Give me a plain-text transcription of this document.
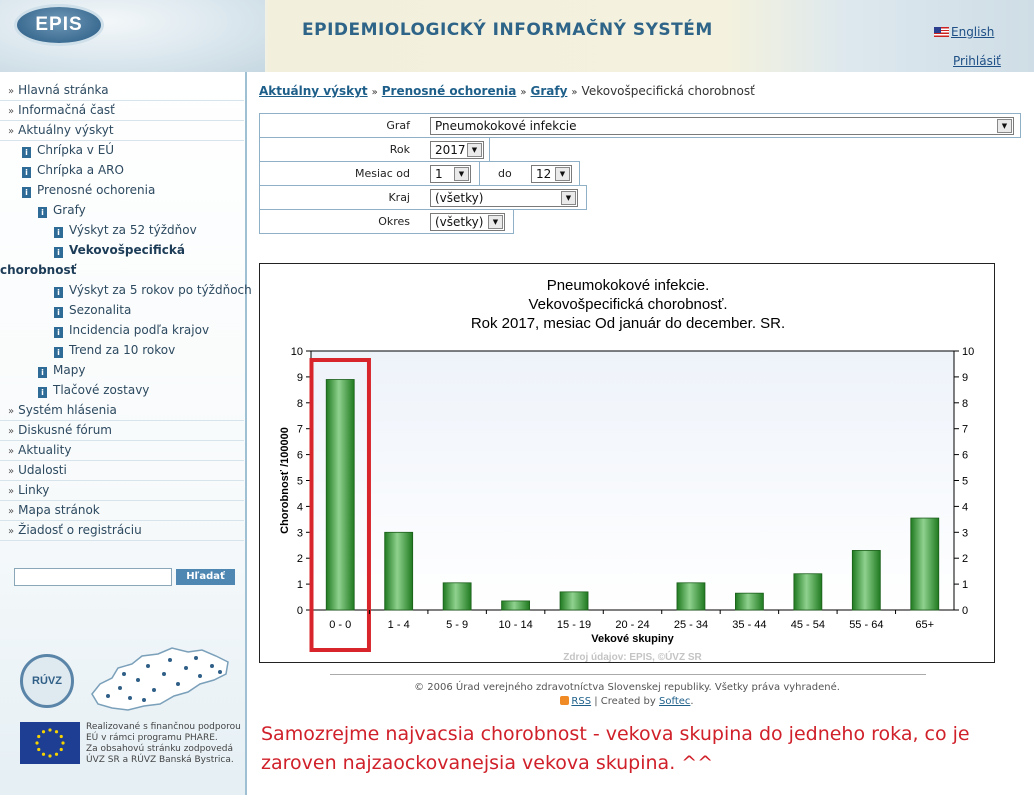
EPIS	EPIDEMIOLOGICKÝ INFORMAČNÝ SYSTÉM	English
Prihlásiť
» Hlavná stránka
» Informačná časť
» Aktuálny výskyt
i Chrípka v EÚ
i Chrípka a ARO
i Prenosné ochorenia
i Grafy
i Výskyt za 52 týždňov
i Vekovošpecifická
chorobnosť
i Výskyt za 5 rokov po týždňoch
i Sezonalita
i Incidencia podľa krajov
i Trend za 10 rokov
i Mapy
i Tlačové zostavy
» Systém hlásenia
» Diskusné fórum
» Aktuality
» Udalosti
» Linky
» Mapa stránok
» Žiadosť o registráciu
Hľadať
RÚVZ
Realizované s finančnou podporou
EÚ v rámci programu PHARE.
Za obsahovú stránku zodpovedá
ÚVZ SR a RÚVZ Banská Bystrica.
Aktuálny výskyt » Prenosné ochorenia » Grafy » Vekovošpecifická chorobnosť
Graf	Pneumokokové infekcie	▼
Rok	2017 ▼
Mesiac od	1	▼	do	12	▼
Kraj	(všetky)	▼
Okres	(všetky)	▼
0	0
1	1
2	2
3	3
4	4
5	5
6	6
7	7
8	8
9	9
10	10
0 - 0	1 - 4	5 - 9	10 - 14 15 - 19 20 - 24 25 - 34 35 - 44 45 - 54 55 - 64	65+
Vekové skupiny
Chorobnosť /100000
Zdroj údajov: EPIS, ©ÚVZ SR
Pneumokokové infekcie.
Vekovošpecifická chorobnosť.
Rok 2017, mesiac Od január do december. SR.
© 2006 Úrad verejného zdravotníctva Slovenskej republiky. Všetky práva vyhradené.
RSS | Created by Softec.
Samozrejme najvacsia chorobnost - vekova skupina do jedneho roka, co je
zaroven najzaockovanejsia vekova skupina. ^^
